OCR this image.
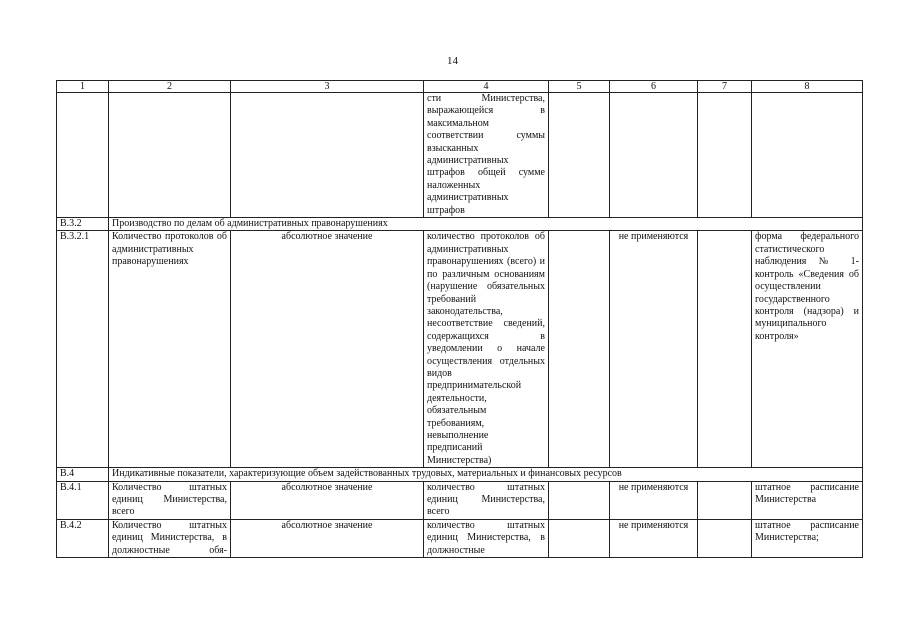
14
1	2	3	4	5	6	7	8
			сти Министерства, выражающейся в максимальном соответствии суммы взысканных административных штрафов общей сумме наложенных административных штрафов				
В.3.2	Производство по делам об административных правонарушениях						
В.3.2.1	Количество протоколов об административных правонарушениях	абсолютное значение	количество протоколов об административных правонарушениях (всего) и по различным основаниям (нарушение обязательных требований законодательства, несоответствие сведений, содержащихся в уведомлении о начале осуществления отдельных видов предпринимательской деятельности, обязательным требованиям, невыполнение предписаний Министерства)		не применяются		форма федерального статистического наблюдения № 1-контроль «Сведения об осуществлении государственного контроля (надзора) и муниципального контроля»
В.4	Индикативные показатели, характеризующие объем задействованных трудовых, материальных и финансовых ресурсов						
В.4.1	Количество штатных единиц Министерства, всего	абсолютное значение	количество штатных единиц Министерства, всего		не применяются		штатное расписание Министерства
В.4.2	Количество штатных единиц Министерства, в должностные обя-	абсолютное значение	количество штатных единиц Министерства, в должностные		не применяются		штатное расписание Министерства;
